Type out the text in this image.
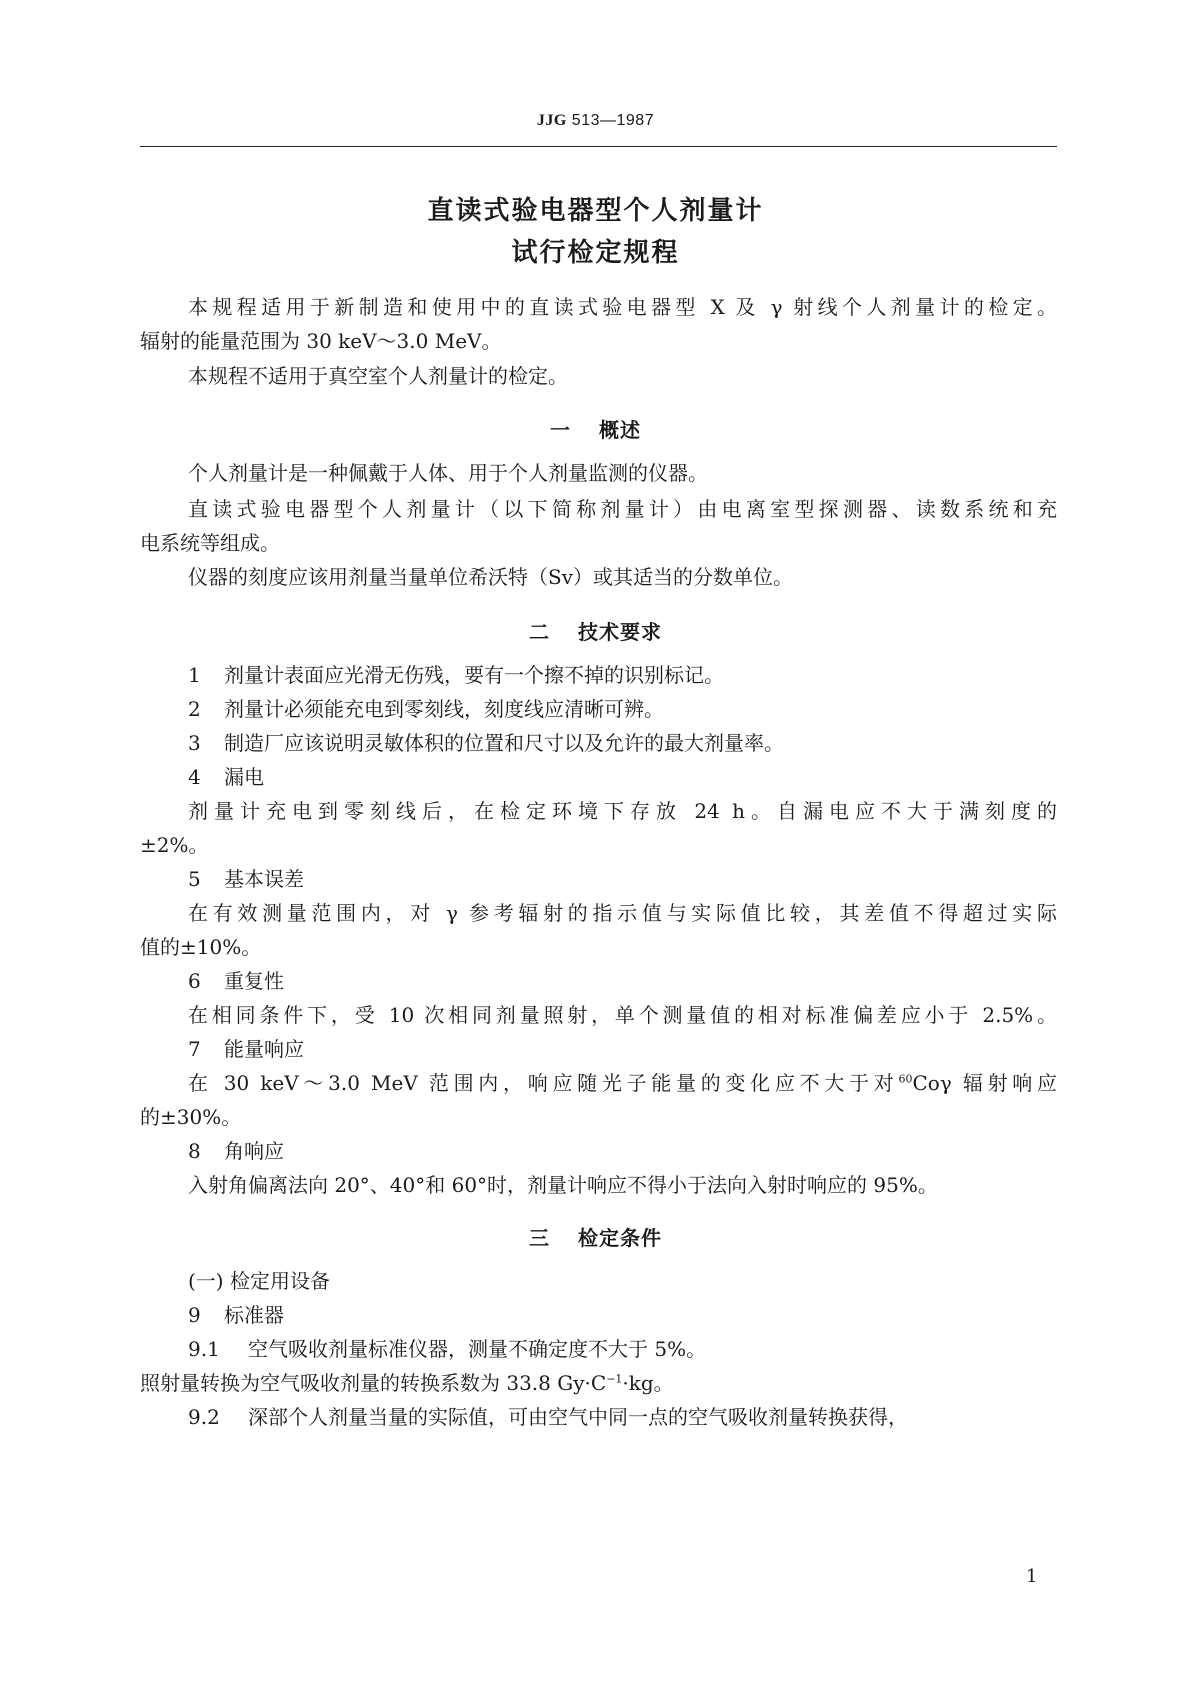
JJG 513—1987
直读式验电器型个人剂量计
试行检定规程
本规程适用于新制造和使用中的直读式验电器型 X 及 γ 射线个人剂量计的检定。
辐射的能量范围为 30 keV～3.0 MeV。
本规程不适用于真空室个人剂量计的检定。
一 概述
个人剂量计是一种佩戴于人体、用于个人剂量监测的仪器。
直读式验电器型个人剂量计（以下简称剂量计）由电离室型探测器、读数系统和充
电系统等组成。
仪器的刻度应该用剂量当量单位希沃特（Sv）或其适当的分数单位。
二 技术要求
1 剂量计表面应光滑无伤残，要有一个擦不掉的识别标记。
2 剂量计必须能充电到零刻线，刻度线应清晰可辨。
3 制造厂应该说明灵敏体积的位置和尺寸以及允许的最大剂量率。
4 漏电
剂量计充电到零刻线后，在检定环境下存放 24 h。自漏电应不大于满刻度的
±2%。
5 基本误差
在有效测量范围内，对 γ 参考辐射的指示值与实际值比较，其差值不得超过实际
值的±10%。
6 重复性
在相同条件下，受 10 次相同剂量照射，单个测量值的相对标准偏差应小于 2.5%。
7 能量响应
在 30 keV～3.0 MeV 范围内，响应随光子能量的变化应不大于对$^{60}$Coγ 辐射响应
的±30%。
8 角响应
入射角偏离法向 20°、40°和 60°时，剂量计响应不得小于法向入射时响应的 95%。
三 检定条件
(一) 检定用设备
9 标准器
9.1 空气吸收剂量标准仪器，测量不确定度不大于 5%。
照射量转换为空气吸收剂量的转换系数为 33.8 $Gy\cdot C^{-1}\cdot kg$。
9.2 深部个人剂量当量的实际值，可由空气中同一点的空气吸收剂量转换获得，
1
